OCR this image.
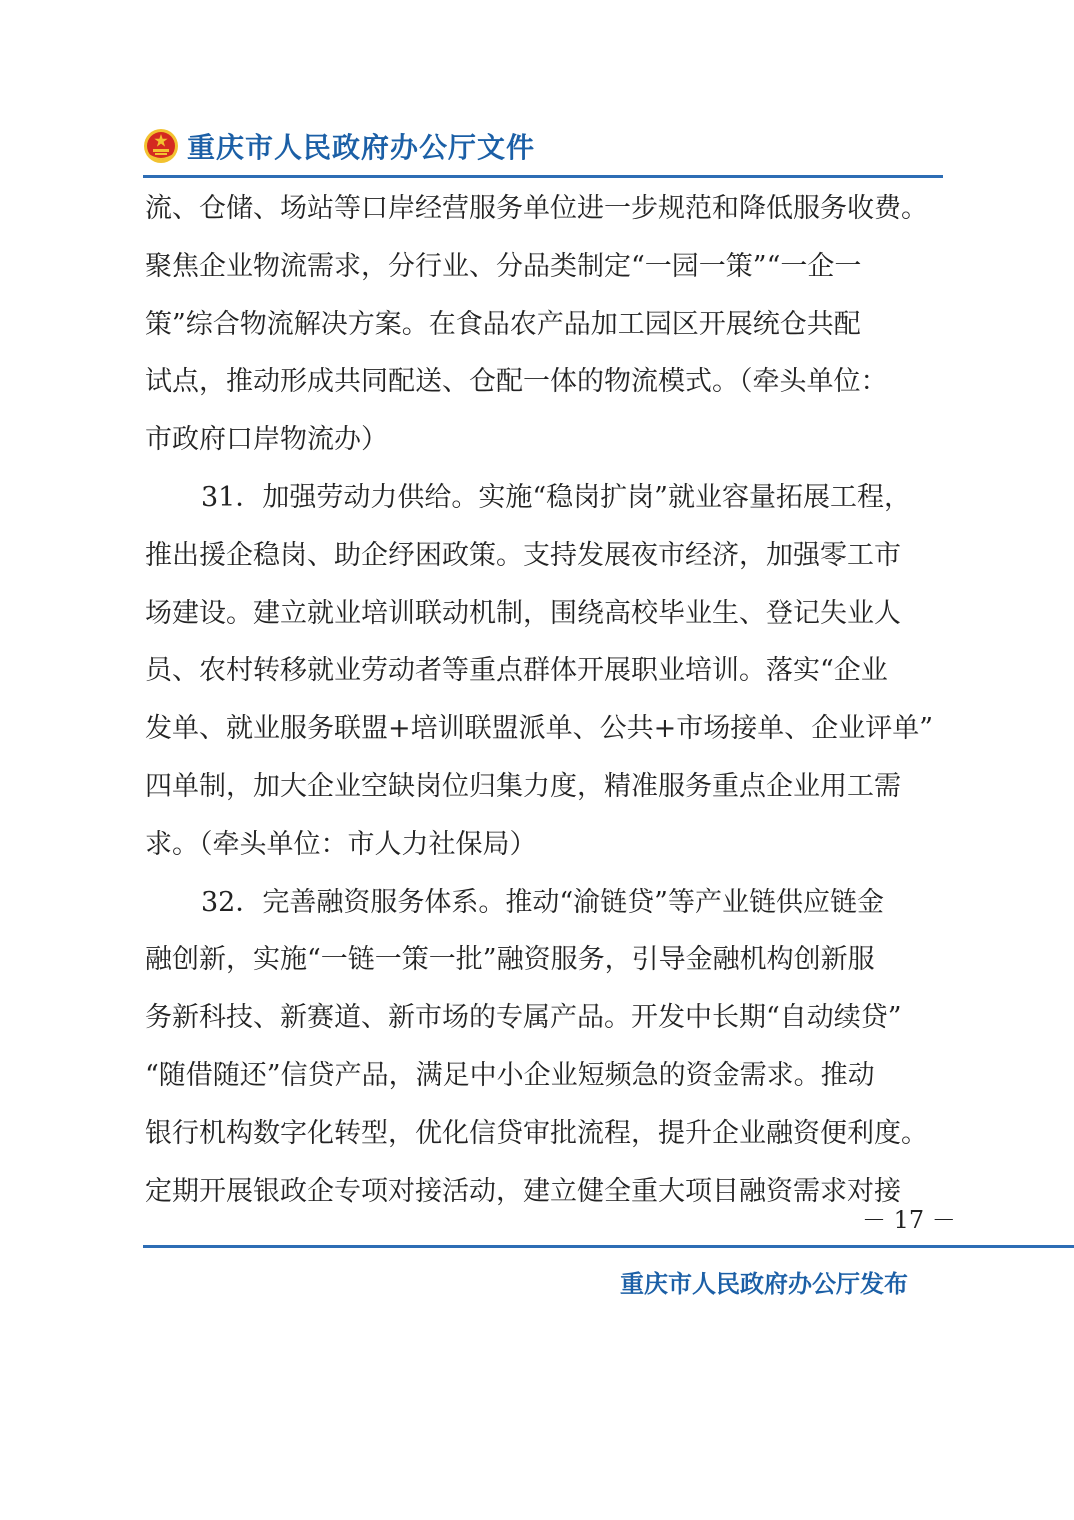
重庆市人民政府办公厅文件
流、仓储、场站等口岸经营服务单位进一步规范和降低服务收费。
聚焦企业物流需求，分行业、分品类制定“一园一策”“一企一
策”综合物流解决方案。在食品农产品加工园区开展统仓共配
试点，推动形成共同配送、仓配一体的物流模式。（牵头单位：
市政府口岸物流办）
31．加强劳动力供给。实施“稳岗扩岗”就业容量拓展工程，
推出援企稳岗、助企纾困政策。支持发展夜市经济，加强零工市
场建设。建立就业培训联动机制，围绕高校毕业生、登记失业人
员、农村转移就业劳动者等重点群体开展职业培训。落实“企业
发单、就业服务联盟+培训联盟派单、公共+市场接单、企业评单”
四单制，加大企业空缺岗位归集力度，精准服务重点企业用工需
求。（牵头单位：市人力社保局）
32．完善融资服务体系。推动“渝链贷”等产业链供应链金
融创新，实施“一链一策一批”融资服务，引导金融机构创新服
务新科技、新赛道、新市场的专属产品。开发中长期“自动续贷”
“随借随还”信贷产品，满足中小企业短频急的资金需求。推动
银行机构数字化转型，优化信贷审批流程，提升企业融资便利度。
定期开展银政企专项对接活动，建立健全重大项目融资需求对接
－ 17 －
重庆市人民政府办公厅发布
